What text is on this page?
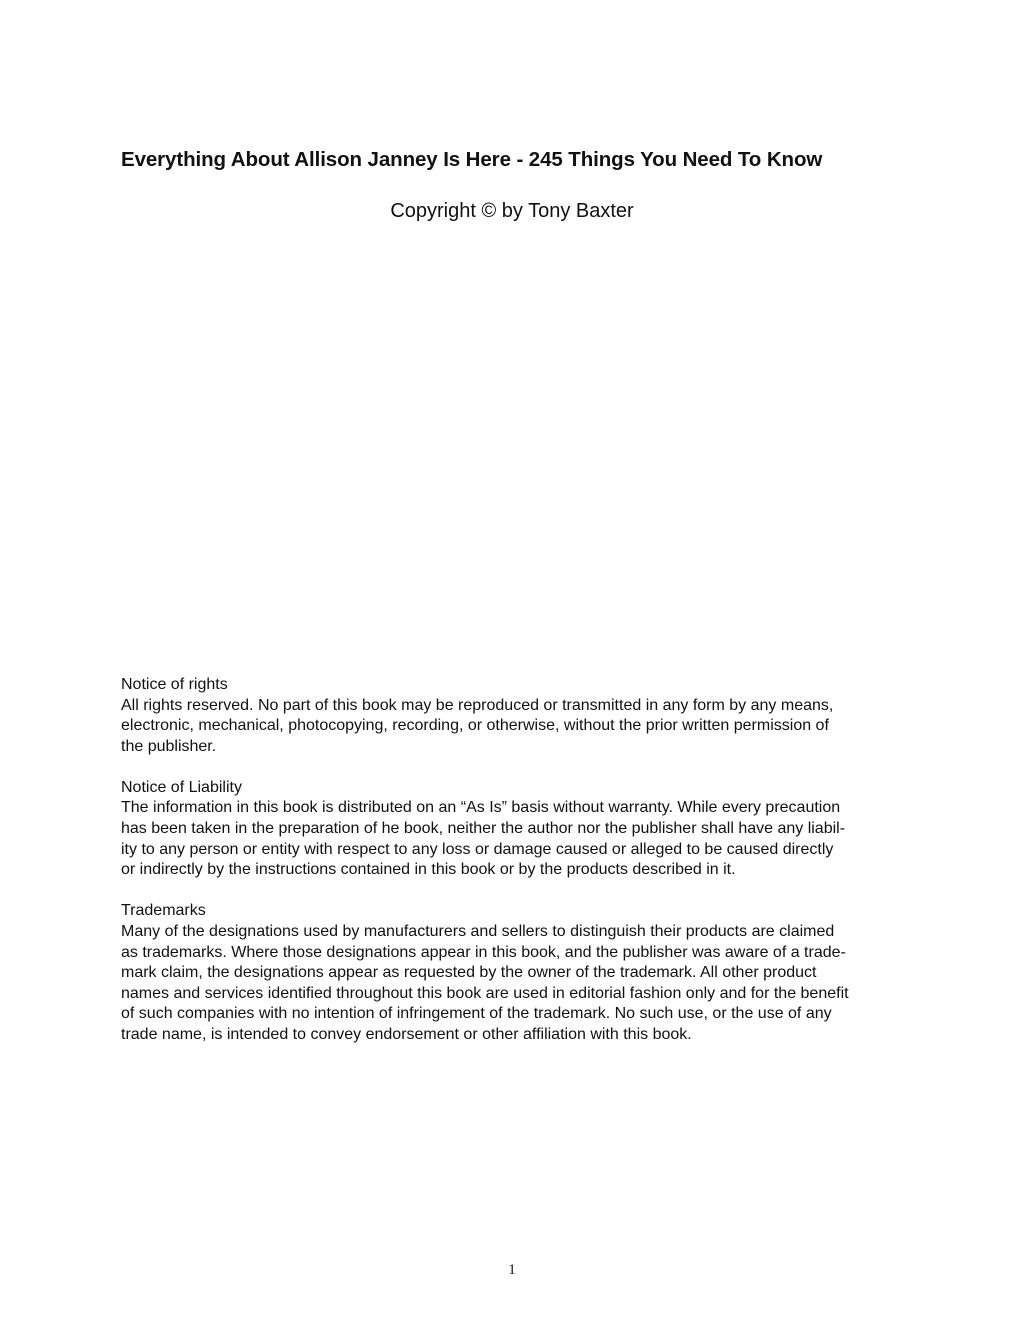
Everything About Allison Janney Is Here - 245 Things You Need To Know

Copyright © by Tony Baxter

Notice of rights

All rights reserved. No part of this book may be reproduced or transmitted in any form by any means,
electronic, mechanical, photocopying, recording, or otherwise, without the prior written permission of
the publisher.

Notice of Liability

The information in this book is distributed on an “As Is” basis without warranty. While every precaution
has been taken in the preparation of he book, neither the author nor the publisher shall have any liabil-
ity to any person or entity with respect to any loss or damage caused or alleged to be caused directly
or indirectly by the instructions contained in this book or by the products described in it.

Trademarks

Many of the designations used by manufacturers and sellers to distinguish their products are claimed
as trademarks. Where those designations appear in this book, and the publisher was aware of a trade-
mark claim, the designations appear as requested by the owner of the trademark. All other product
names and services identified throughout this book are used in editorial fashion only and for the benefit
of such companies with no intention of infringement of the trademark. No such use, or the use of any
trade name, is intended to convey endorsement or other affiliation with this book.

1
